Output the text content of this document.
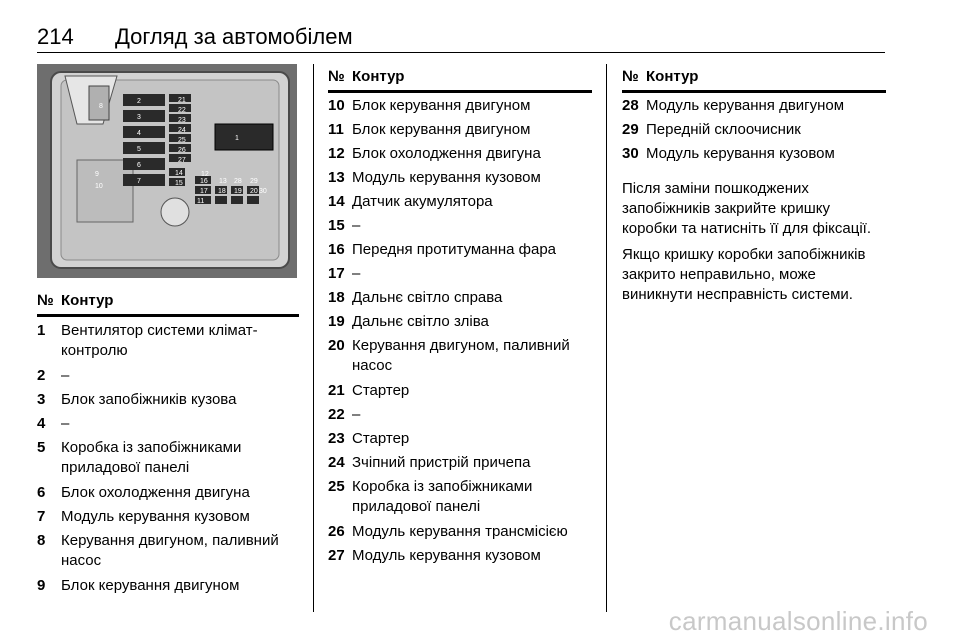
214 Догляд за автомобілем
21
22
23
24
25
26
27
14
15 16
17 18 19 20
1
2
3
4
5
6
7
8
9
10
11
12
13 28 29
30
№ Контур
1 Вентилятор системи клімат-
контролю
2 –
3 Блок запобіжників кузова
4 –
5 Коробка із запобіжниками
приладової панелі
6 Блок охолодження двигуна
7 Модуль керування кузовом
8 Керування двигуном, паливний
насос
9 Блок керування двигуном
№ Контур
10 Блок керування двигуном
11 Блок керування двигуном
12 Блок охолодження двигуна
13 Модуль керування кузовом
14 Датчик акумулятора
15 –
16 Передня протитуманна фара
17 –
18 Дальнє світло справа
19 Дальнє світло зліва
20 Керування двигуном, паливний
насос
21 Стартер
22 –
23 Стартер
24 Зчіпний пристрій причепа
25 Коробка із запобіжниками
приладової панелі
26 Модуль керування трансмісією
27 Модуль керування кузовом
№ Контур
28 Модуль керування двигуном
29 Передній склоочисник
30 Модуль керування кузовом
Після заміни пошкоджених
запобіжників закрийте кришку
коробки та натисніть її для фіксації.
Якщо кришку коробки запобіжників
закрито неправильно, може
виникнути несправність системи.
carmanualsonline.info
